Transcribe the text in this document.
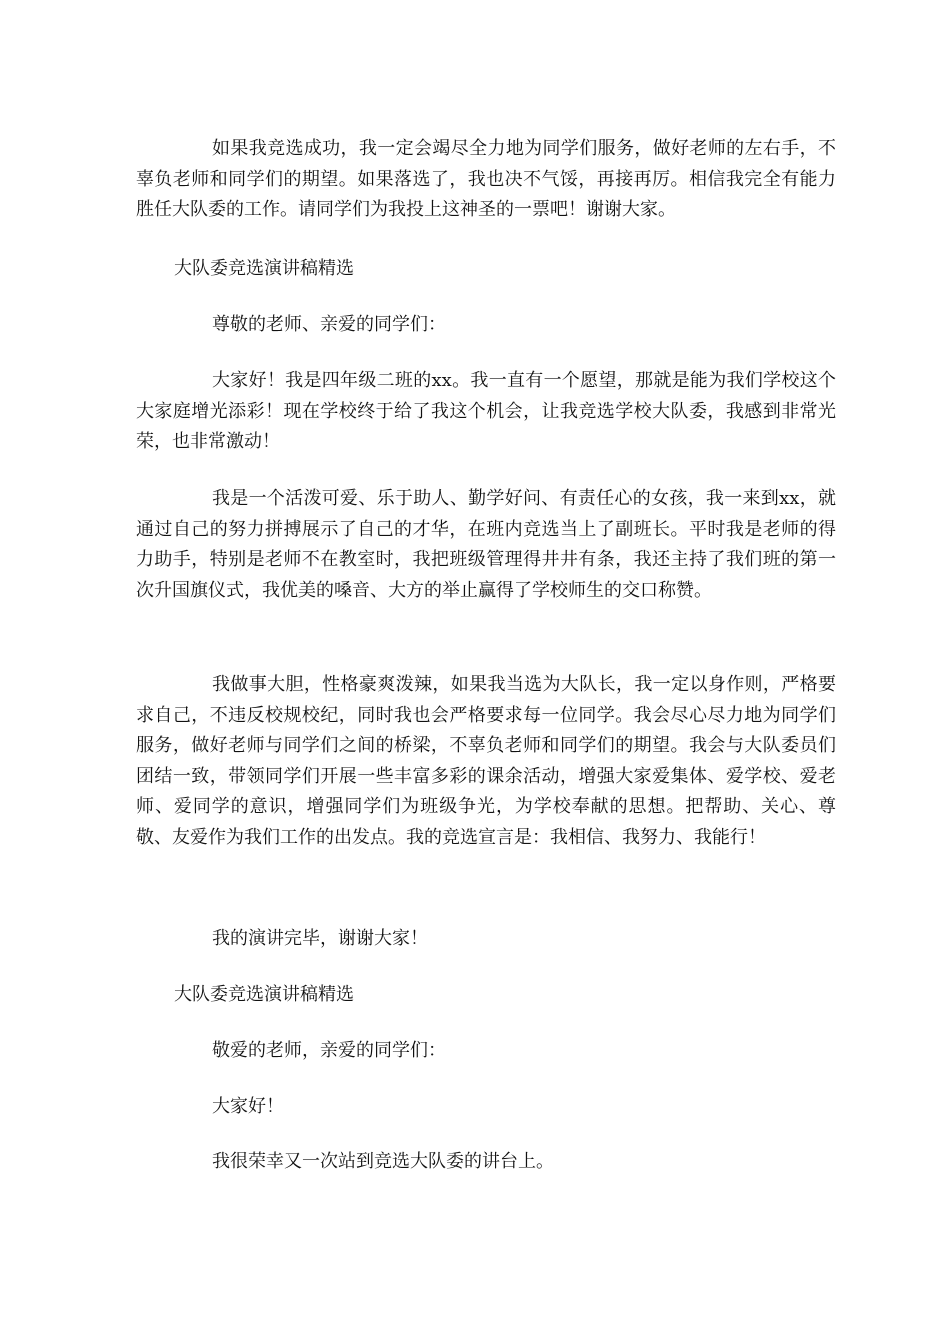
如果我竞选成功，我一定会竭尽全力地为同学们服务，做好老师的左右手，不辜负老师和同学们的期望。如果落选了，我也决不气馁，再接再厉。相信我完全有能力胜任大队委的工作。请同学们为我投上这神圣的一票吧！谢谢大家。

大队委竞选演讲稿精选

尊敬的老师、亲爱的同学们：

大家好！我是四年级二班的xx。我一直有一个愿望，那就是能为我们学校这个大家庭增光添彩！现在学校终于给了我这个机会，让我竞选学校大队委，我感到非常光荣，也非常激动！

我是一个活泼可爱、乐于助人、勤学好问、有责任心的女孩，我一来到xx，就通过自己的努力拼搏展示了自己的才华，在班内竞选当上了副班长。平时我是老师的得力助手，特别是老师不在教室时，我把班级管理得井井有条，我还主持了我们班的第一次升国旗仪式，我优美的嗓音、大方的举止赢得了学校师生的交口称赞。

我做事大胆，性格豪爽泼辣，如果我当选为大队长，我一定以身作则，严格要求自己，不违反校规校纪，同时我也会严格要求每一位同学。我会尽心尽力地为同学们服务，做好老师与同学们之间的桥梁，不辜负老师和同学们的期望。我会与大队委员们团结一致，带领同学们开展一些丰富多彩的课余活动，增强大家爱集体、爱学校、爱老师、爱同学的意识，增强同学们为班级争光，为学校奉献的思想。把帮助、关心、尊敬、友爱作为我们工作的出发点。我的竞选宣言是：我相信、我努力、我能行！

我的演讲完毕，谢谢大家！

大队委竞选演讲稿精选

敬爱的老师，亲爱的同学们：

大家好！

我很荣幸又一次站到竞选大队委的讲台上。
